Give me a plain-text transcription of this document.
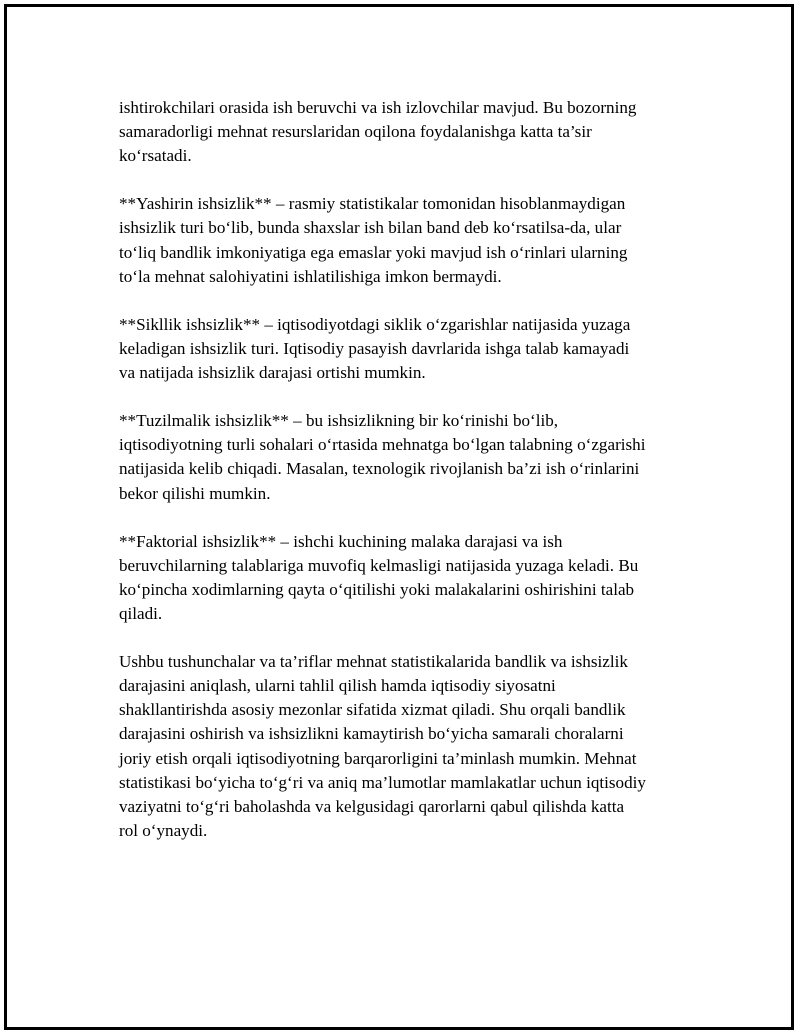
ishtirokchilari orasida ish beruvchi va ish izlovchilar mavjud. Bu bozorning
samaradorligi mehnat resurslaridan oqilona foydalanishga katta ta’sir
ko‘rsatadi.

**Yashirin ishsizlik** – rasmiy statistikalar tomonidan hisoblanmaydigan
ishsizlik turi bo‘lib, bunda shaxslar ish bilan band deb ko‘rsatilsa-da, ular
to‘liq bandlik imkoniyatiga ega emaslar yoki mavjud ish o‘rinlari ularning
to‘la mehnat salohiyatini ishlatilishiga imkon bermaydi.

**Sikllik ishsizlik** – iqtisodiyotdagi siklik o‘zgarishlar natijasida yuzaga
keladigan ishsizlik turi. Iqtisodiy pasayish davrlarida ishga talab kamayadi
va natijada ishsizlik darajasi ortishi mumkin.

**Tuzilmalik ishsizlik** – bu ishsizlikning bir ko‘rinishi bo‘lib,
iqtisodiyotning turli sohalari o‘rtasida mehnatga bo‘lgan talabning o‘zgarishi
natijasida kelib chiqadi. Masalan, texnologik rivojlanish ba’zi ish o‘rinlarini
bekor qilishi mumkin.

**Faktorial ishsizlik** – ishchi kuchining malaka darajasi va ish
beruvchilarning talablariga muvofiq kelmasligi natijasida yuzaga keladi. Bu
ko‘pincha xodimlarning qayta o‘qitilishi yoki malakalarini oshirishini talab
qiladi.

Ushbu tushunchalar va ta’riflar mehnat statistikalarida bandlik va ishsizlik
darajasini aniqlash, ularni tahlil qilish hamda iqtisodiy siyosatni
shakllantirishda asosiy mezonlar sifatida xizmat qiladi. Shu orqali bandlik
darajasini oshirish va ishsizlikni kamaytirish bo‘yicha samarali choralarni
joriy etish orqali iqtisodiyotning barqarorligini ta’minlash mumkin. Mehnat
statistikasi bo‘yicha to‘g‘ri va aniq ma’lumotlar mamlakatlar uchun iqtisodiy
vaziyatni to‘g‘ri baholashda va kelgusidagi qarorlarni qabul qilishda katta
rol o‘ynaydi.
